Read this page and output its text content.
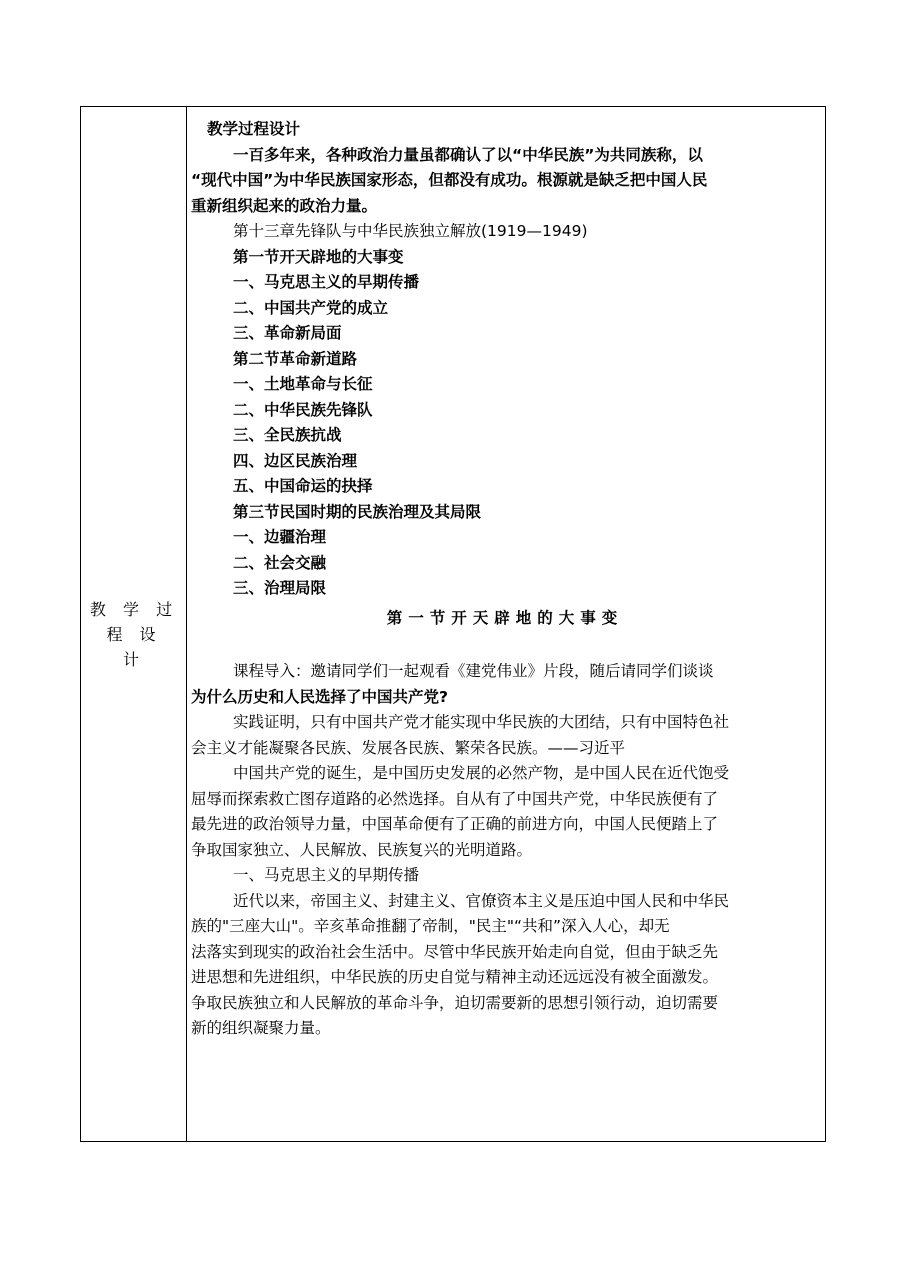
教 学 过
程 设
计
教学过程设计
一百多年来，各种政治力量虽都确认了以“中华民族”为共同族称，以
“现代中国”为中华民族国家形态，但都没有成功。根源就是缺乏把中国人民
重新组织起来的政治力量。
第十三章先锋队与中华民族独立解放(1919—1949)
第一节开天辟地的大事变
一、马克思主义的早期传播
二、中国共产党的成立
三、革命新局面
第二节革命新道路
一、土地革命与长征
二、中华民族先锋队
三、全民族抗战
四、边区民族治理
五、中国命运的抉择
第三节民国时期的民族治理及其局限
一、边疆治理
二、社会交融
三、治理局限
第一节开天辟地的大事变
课程导入：邀请同学们一起观看《建党伟业》片段，随后请同学们谈谈
为什么历史和人民选择了中国共产党?
实践证明，只有中国共产党才能实现中华民族的大团结，只有中国特色社
会主义才能凝聚各民族、发展各民族、繁荣各民族。——习近平
中国共产党的诞生，是中国历史发展的必然产物，是中国人民在近代饱受
屈辱而探索救亡图存道路的必然选择。自从有了中国共产党，中华民族便有了
最先进的政治领导力量，中国革命便有了正确的前进方向，中国人民便踏上了
争取国家独立、人民解放、民族复兴的光明道路。
一、马克思主义的早期传播
近代以来，帝国主义、封建主义、官僚资本主义是压迫中国人民和中华民
族的"三座大山"。辛亥革命推翻了帝制，"民主"“共和”深入人心，却无
法落实到现实的政治社会生活中。尽管中华民族开始走向自觉，但由于缺乏先
进思想和先进组织，中华民族的历史自觉与精神主动还远远没有被全面激发。
争取民族独立和人民解放的革命斗争，迫切需要新的思想引领行动，迫切需要
新的组织凝聚力量。
